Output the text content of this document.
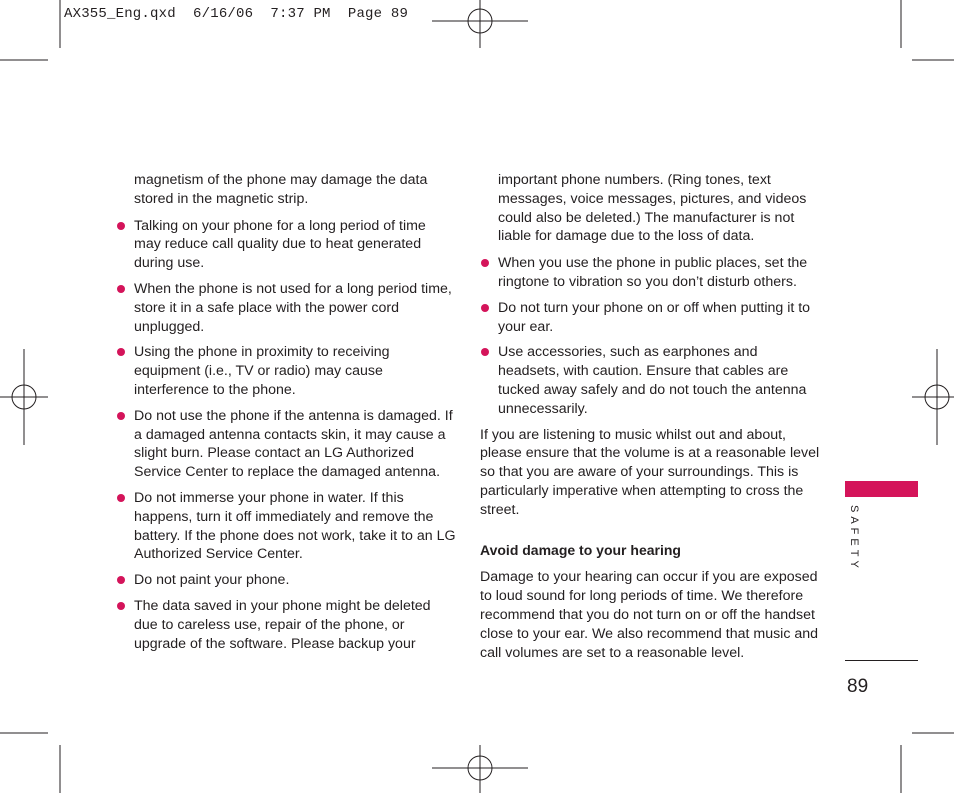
AX355_Eng.qxd  6/16/06  7:37 PM  Page 89

magnetism of the phone may damage the data stored in the magnetic strip.

Talking on your phone for a long period of time may reduce call quality due to heat generated during use.
When the phone is not used for a long period time, store it in a safe place with the power cord unplugged.
Using the phone in proximity to receiving equipment (i.e., TV or radio) may cause interference to the phone.
Do not use the phone if the antenna is damaged. If a damaged antenna contacts skin, it may cause a slight burn. Please contact an LG Authorized Service Center to replace the damaged antenna.
Do not immerse your phone in water. If this happens, turn it off immediately and remove the battery. If the phone does not work, take it to an LG Authorized Service Center.
Do not paint your phone.
The data saved in your phone might be deleted due to careless use, repair of the phone, or upgrade of the software. Please backup your

important phone numbers. (Ring tones, text messages, voice messages, pictures, and videos could also be deleted.) The manufacturer is not liable for damage due to the loss of data.

When you use the phone in public places, set the ringtone to vibration so you don’t disturb others.
Do not turn your phone on or off when putting it to your ear.
Use accessories, such as earphones and headsets, with caution. Ensure that cables are tucked away safely and do not touch the antenna unnecessarily.

If you are listening to music whilst out and about, please ensure that the volume is at a reasonable level so that you are aware of your surroundings. This is particularly imperative when attempting to cross the street.

Avoid damage to your hearing

Damage to your hearing can occur if you are exposed to loud sound for long periods of time. We therefore recommend that you do not turn on or off the handset close to your ear. We also recommend that music and call volumes are set to a reasonable level.

SAFETY
89
